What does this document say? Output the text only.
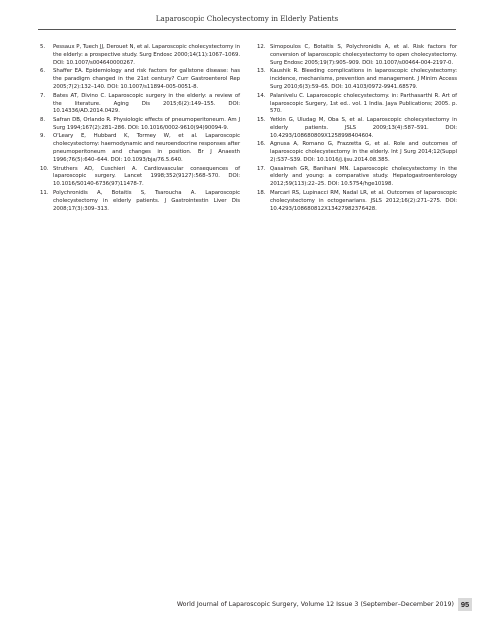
Laparoscopic Cholecystectomy in Elderly Patients
5. Pessaux P, Tuech JJ, Derouet N, et al. Laparoscopic cholecystectomy in the elderly: a prospective study. Surg Endosc 2000;14(11):1067–1069. DOI: 10.1007/s004640000267.
6. Shaffer EA. Epidemiology and risk factors for gallstone disease: has the paradigm changed in the 21st century? Curr Gastroenterol Rep 2005;7(2):132–140. DOI: 10.1007/s11894-005-0051-8.
7. Bates AT, Divino C. Laparoscopic surgery in the elderly: a review of the literature. Aging Dis 2015;6(2):149–155. DOI: 10.14336/AD.2014.0429.
8. Safran DB, Orlando R. Physiologic effects of pneumoperitoneum. Am J Surg 1994;167(2):281–286. DOI: 10.1016/0002-9610(94)90094-9.
9. O'Leary E, Hubbard K, Tormey W, et al. Laparoscopic cholecystectomy: haemodynamic and neuroendocrine responses after pneumoperitoneum and changes in position. Br J Anaesth 1996;76(5):640–644. DOI: 10.1093/bja/76.5.640.
10. Struthers AD, Cuschieri A. Cardiovascular consequences of laparoscopic surgery. Lancet 1998;352(9127):568–570. DOI: 10.1016/S0140-6736(97)11478-7.
11. Polychronidis A, Botaitis S, Tsaroucha A. Laparoscopic cholecystectomy in elderly patients. J Gastrointestin Liver Dis 2008;17(3):309–313.
12. Simopoulos C, Botaitis S, Polychronidis A, et al. Risk factors for conversion of laparoscopic cholecystectomy to open cholecystectomy. Surg Endosc 2005;19(7):905–909. DOI: 10.1007/s00464-004-2197-0.
13. Kaushik R. Bleeding complications in laparoscopic cholecystectomy: incidence, mechanisms, prevention and management. J Minim Access Surg 2010;6(3):59–65. DOI: 10.4103/0972-9941.68579.
14. Palanivelu C. Laparoscopic cholecystectomy. in: Parthasarthi R. Art of laparoscopic Surgery, 1st ed.. vol. 1 India. Jaya Publications; 2005. p. 570.
15. Yetkin G, Uludag M, Oba S, et al. Laparoscopic cholecystectomy in elderly patients. JSLS 2009;13(4):587–591. DOI: 10.4293/108680809X1258998404604.
16. Agnusa A, Romano G, Frazzetta G, et al. Role and outcomes of laparoscopic cholecystectomy in the elderly. Int J Surg 2014;12(Suppl 2):S37–S39. DOI: 10.1016/j.ijsu.2014.08.385.
17. Qasaimeh GR, Banihani MN. Laparoscopic cholecystectomy in the elderly and young: a comparative study. Hepatogastroenterology 2012;59(113):22–25. DOI: 10.5754/hge10198.
18. Marcari RS, Lupinacci RM, Nadal LR, et al. Outcomes of laparoscopic cholecystectomy in octogenarians. JSLS 2012;16(2):271–275. DOI: 10.4293/108680812X13427982376428.
World Journal of Laparoscopic Surgery, Volume 12 Issue 3 (September–December 2019) 95
